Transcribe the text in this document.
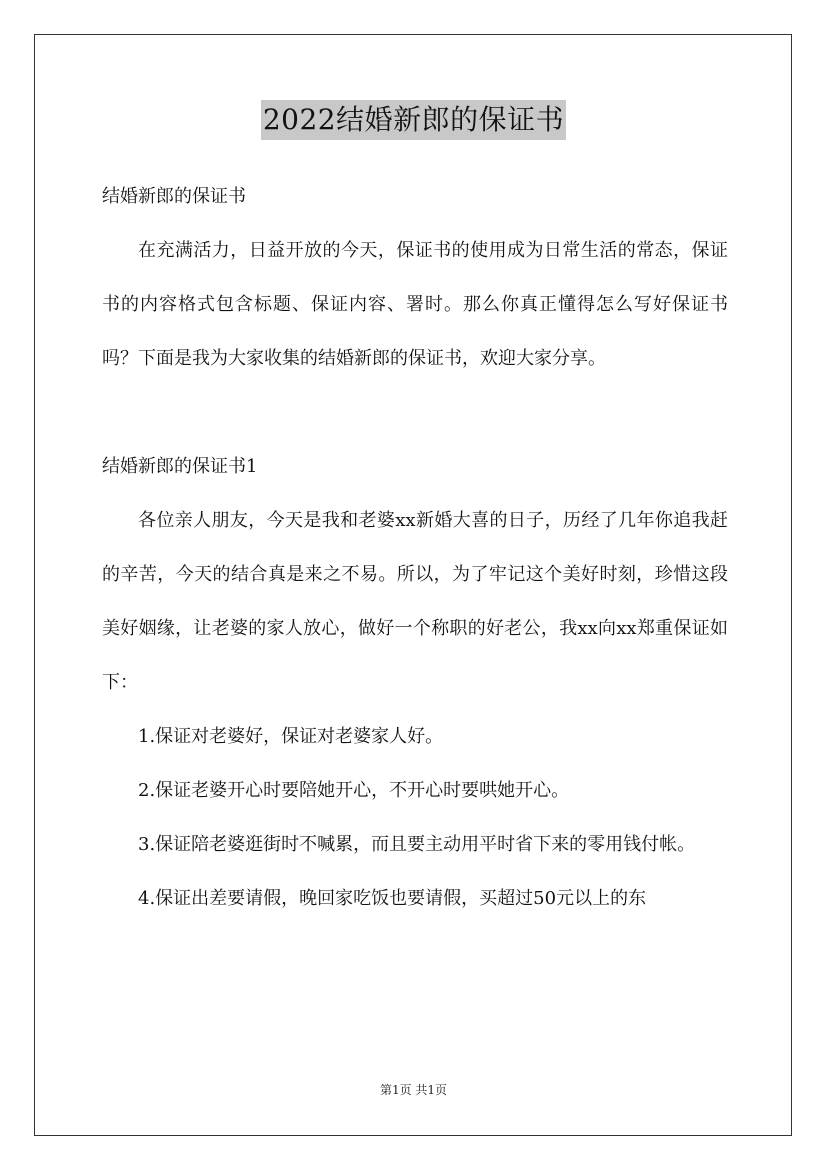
2022结婚新郎的保证书

结婚新郎的保证书

在充满活力，日益开放的今天，保证书的使用成为日常生活的常态，保证书的内容格式包含标题、保证内容、署时。那么你真正懂得怎么写好保证书吗？下面是我为大家收集的结婚新郎的保证书，欢迎大家分享。

结婚新郎的保证书1

各位亲人朋友，今天是我和老婆xx新婚大喜的日子，历经了几年你追我赶的辛苦，今天的结合真是来之不易。所以，为了牢记这个美好时刻，珍惜这段美好姻缘，让老婆的家人放心，做好一个称职的好老公，我xx向xx郑重保证如下：

1.保证对老婆好，保证对老婆家人好。

2.保证老婆开心时要陪她开心，不开心时要哄她开心。

3.保证陪老婆逛街时不喊累，而且要主动用平时省下来的零用钱付帐。

4.保证出差要请假，晚回家吃饭也要请假，买超过50元以上的东

第1页 共1页
